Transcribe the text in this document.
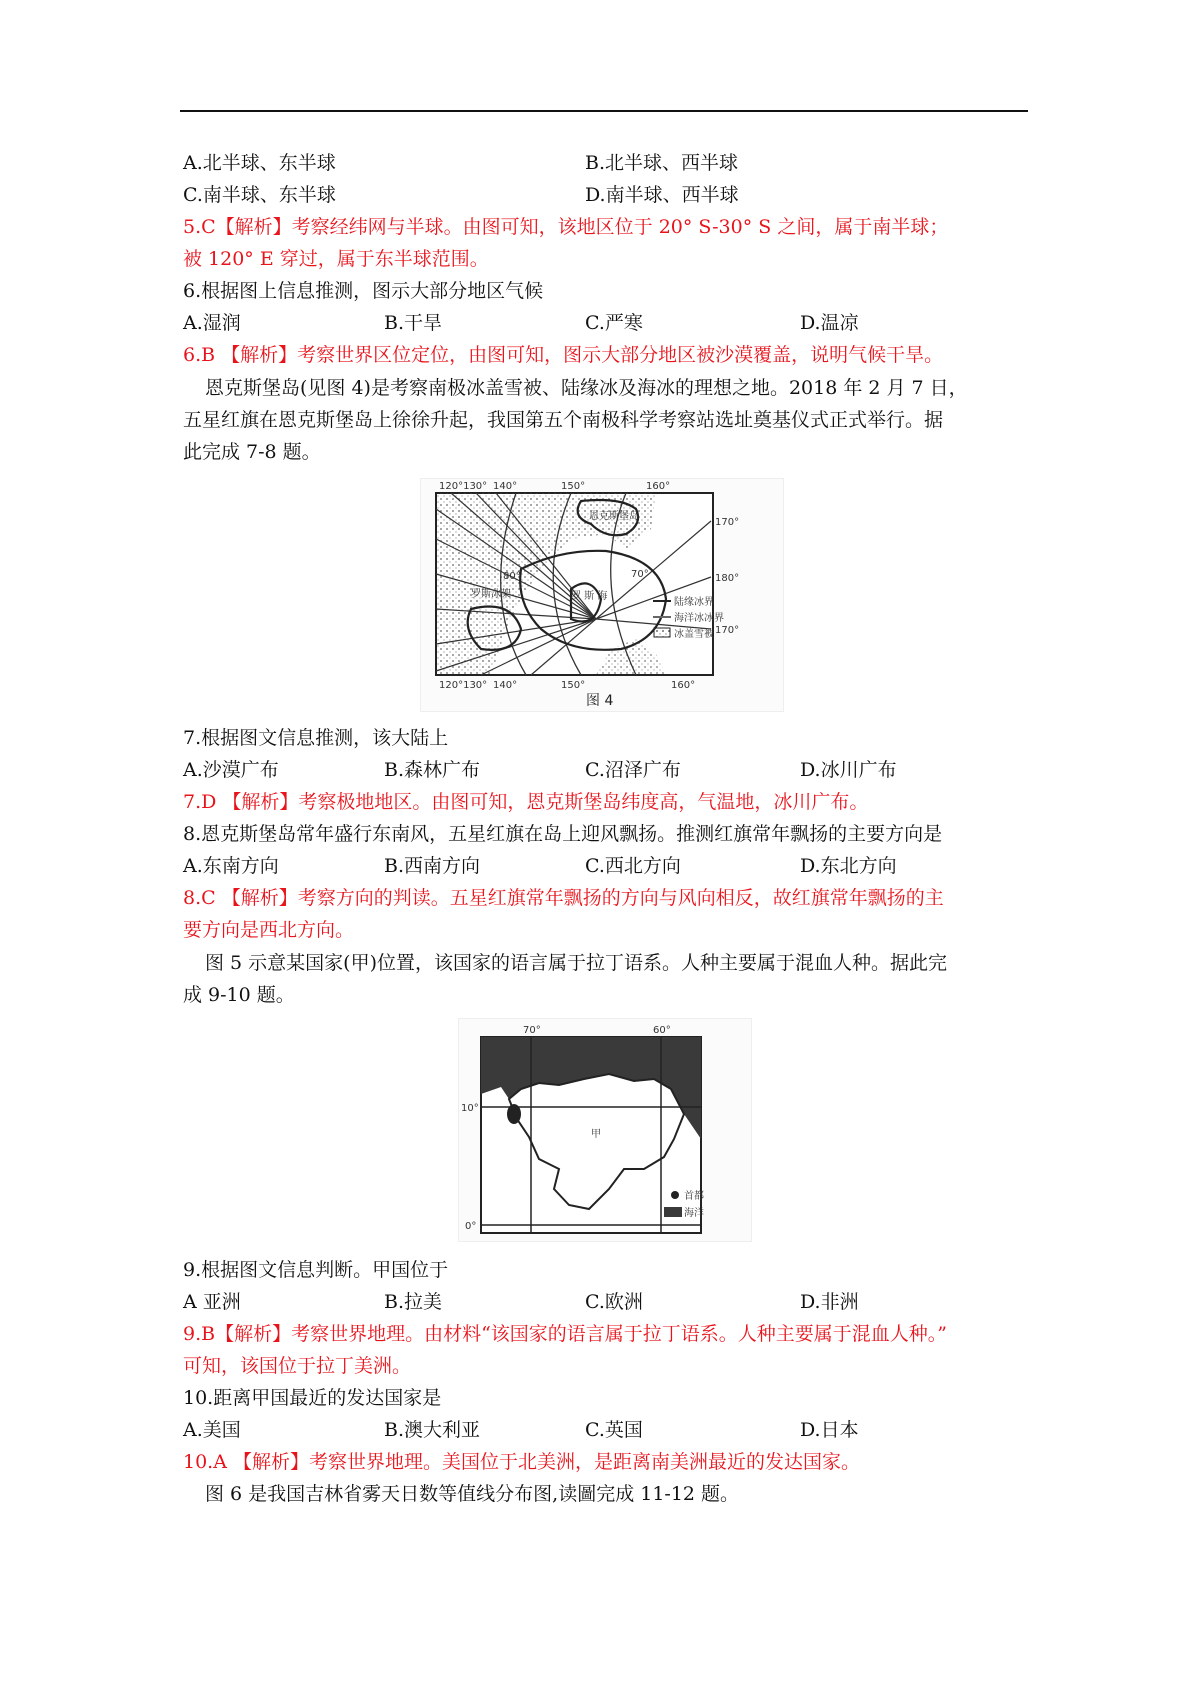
A.北半球、东半球	B.北半球、西半球
C.南半球、东半球	D.南半球、西半球
5.C【解析】考察经纬网与半球。由图可知，该地区位于 20° S-30° S 之间，属于南半球；
被 120° E 穿过，属于东半球范围。
6.根据图上信息推测，图示大部分地区气候
A.湿润	B.干旱	C.严寒	D.温凉
6.B 【解析】考察世界区位定位，由图可知，图示大部分地区被沙漠覆盖，说明气候干旱。
恩克斯堡岛(见图 4)是考察南极冰盖雪被、陆缘冰及海冰的理想之地。2018 年 2 月 7 日，
五星红旗在恩克斯堡岛上徐徐升起，我国第五个南极科学考察站选址奠基仪式正式举行。据
此完成 7-8 题。
120°130° 140°	150°	160°
120°130° 140°	150°	160°
170°
180°
170°
恩克斯堡岛
80°	70°
罗斯冰架	罗 斯 海
陆缘冰界
海洋冰冰界
冰盖雪被
图 4
7.根据图文信息推测，该大陆上
A.沙漠广布	B.森林广布	C.沼泽广布	D.冰川广布
7.D 【解析】考察极地地区。由图可知，恩克斯堡岛纬度高，气温地，冰川广布。
8.恩克斯堡岛常年盛行东南风，五星红旗在岛上迎风飘扬。推测红旗常年飘扬的主要方向是
A.东南方向	B.西南方向	C.西北方向	D.东北方向
8.C 【解析】考察方向的判读。五星红旗常年飘扬的方向与风向相反，故红旗常年飘扬的主
要方向是西北方向。
图 5 示意某国家(甲)位置，该国家的语言属于拉丁语系。人种主要属于混血人种。据此完
成 9-10 题。
70°	60°
10°
0°
甲
首都
海洋
9.根据图文信息判断。甲国位于
A 亚洲	B.拉美	C.欧洲	D.非洲
9.B【解析】考察世界地理。由材料“该国家的语言属于拉丁语系。人种主要属于混血人种。”
可知，该国位于拉丁美洲。
10.距离甲国最近的发达国家是
A.美国	B.澳大利亚	C.英国	D.日本
10.A 【解析】考察世界地理。美国位于北美洲，是距离南美洲最近的发达国家。
图 6 是我国吉林省雾天日数等值线分布图,读圖完成 11-12 题。
